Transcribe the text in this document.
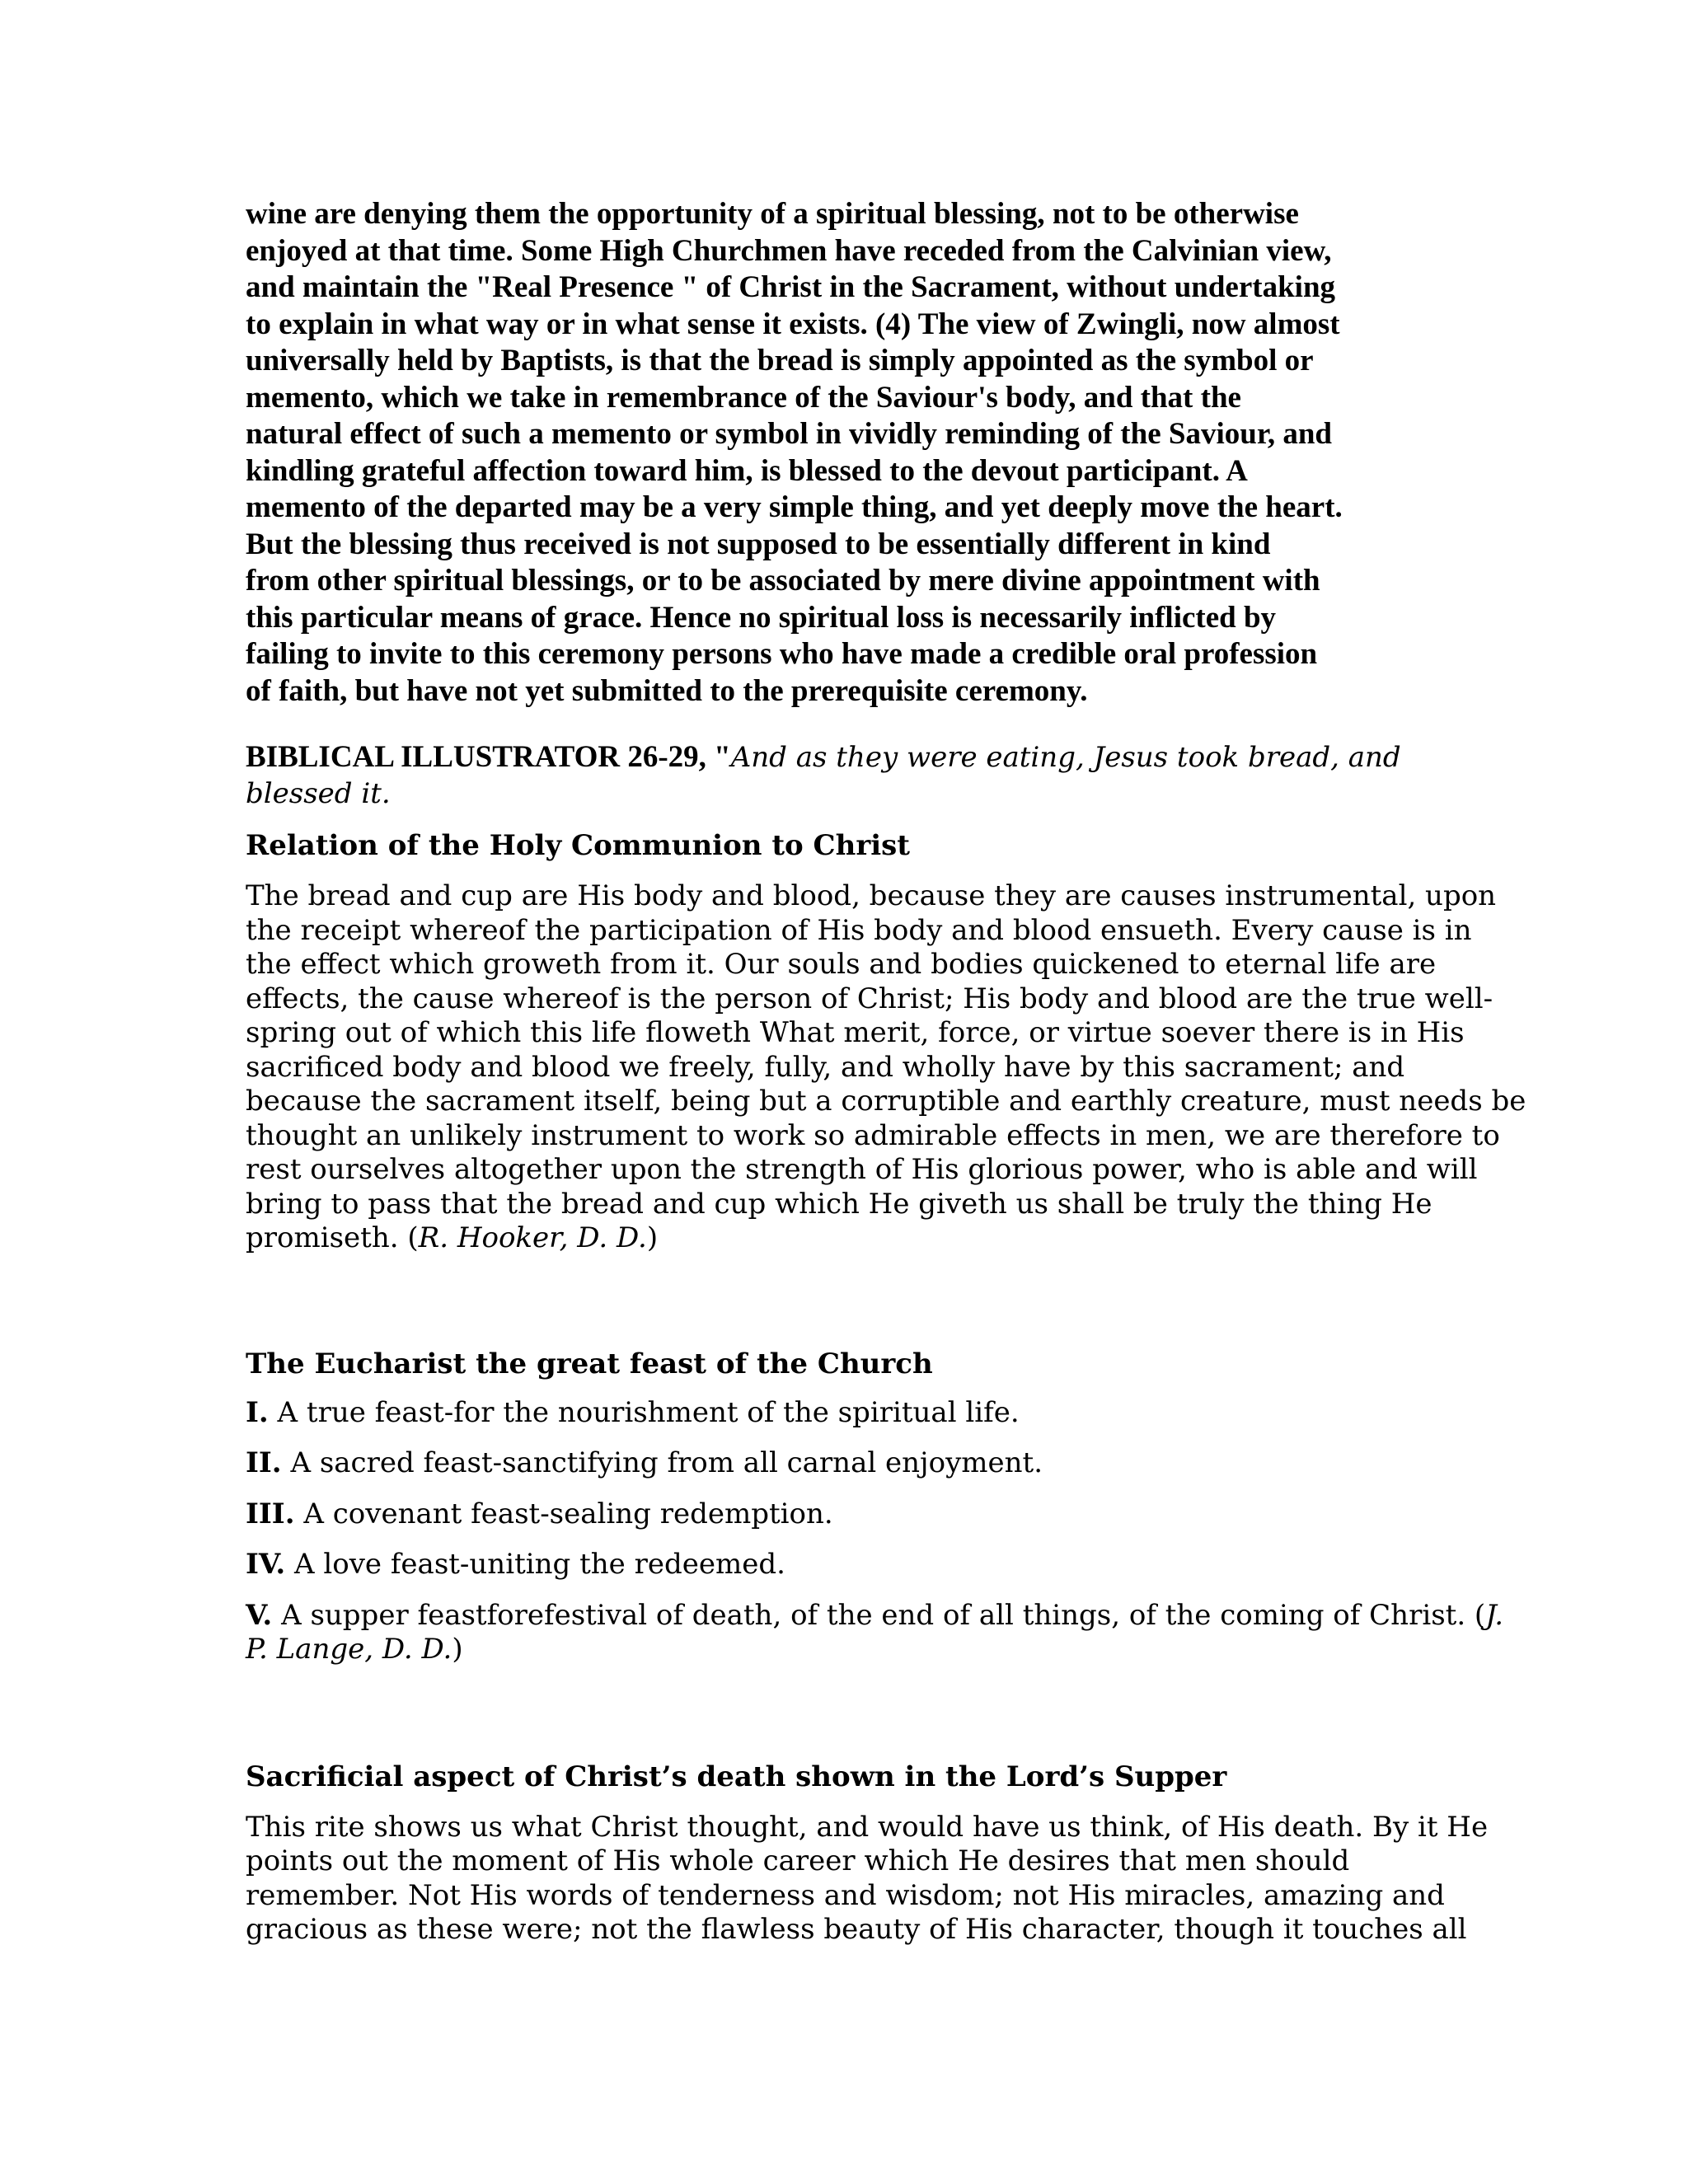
wine are denying them the opportunity of a spiritual blessing, not to be otherwise
enjoyed at that time. Some High Churchmen have receded from the Calvinian view,
and maintain the "Real Presence " of Christ in the Sacrament, without undertaking
to explain in what way or in what sense it exists. (4) The view of Zwingli, now almost
universally held by Baptists, is that the bread is simply appointed as the symbol or
memento, which we take in remembrance of the Saviour's body, and that the
natural effect of such a memento or symbol in vividly reminding of the Saviour, and
kindling grateful affection toward him, is blessed to the devout participant. A
memento of the departed may be a very simple thing, and yet deeply move the heart.
But the blessing thus received is not supposed to be essentially different in kind
from other spiritual blessings, or to be associated by mere divine appointment with
this particular means of grace. Hence no spiritual loss is necessarily inflicted by
failing to invite to this ceremony persons who have made a credible oral profession
of faith, but have not yet submitted to the prerequisite ceremony.

BIBLICAL ILLUSTRATOR 26-29, "And as they were eating, Jesus took bread, and blessed it.

Relation of the Holy Communion to Christ

The bread and cup are His body and blood, because they are causes instrumental, upon
the receipt whereof the participation of His body and blood ensueth. Every cause is in
the effect which groweth from it. Our souls and bodies quickened to eternal life are
effects, the cause whereof is the person of Christ; His body and blood are the true well-
spring out of which this life floweth What merit, force, or virtue soever there is in His
sacrificed body and blood we freely, fully, and wholly have by this sacrament; and
because the sacrament itself, being but a corruptible and earthly creature, must needs be
thought an unlikely instrument to work so admirable effects in men, we are therefore to
rest ourselves altogether upon the strength of His glorious power, who is able and will
bring to pass that the bread and cup which He giveth us shall be truly the thing He
promiseth. (R. Hooker, D. D.)

The Eucharist the great feast of the Church

I. A true feast-for the nourishment of the spiritual life.

II. A sacred feast-sanctifying from all carnal enjoyment.

III. A covenant feast-sealing redemption.

IV. A love feast-uniting the redeemed.

V. A supper feastforefestival of death, of the end of all things, of the coming of Christ. (J.
P. Lange, D. D.)

Sacrificial aspect of Christ’s death shown in the Lord’s Supper

This rite shows us what Christ thought, and would have us think, of His death. By it He
points out the moment of His whole career which He desires that men should
remember. Not His words of tenderness and wisdom; not His miracles, amazing and
gracious as these were; not the flawless beauty of His character, though it touches all
